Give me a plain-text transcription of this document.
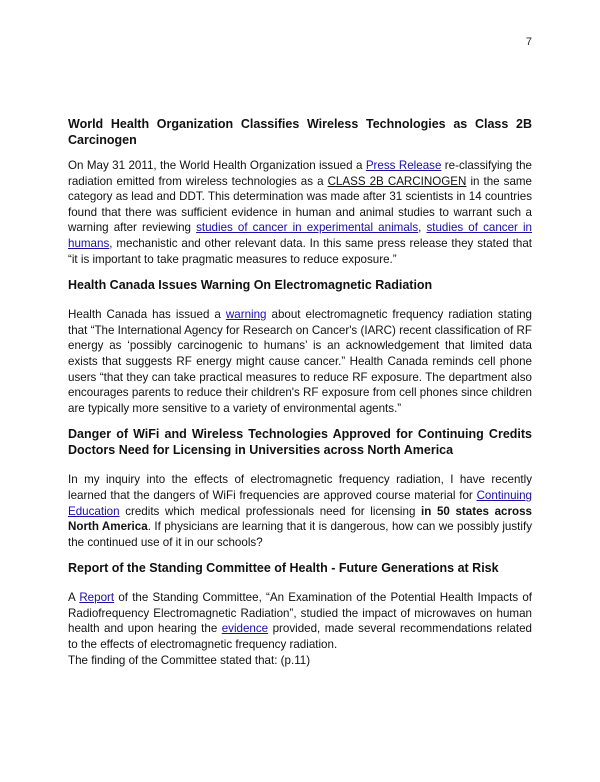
7
World Health Organization Classifies Wireless Technologies as Class 2B Carcinogen

On May 31 2011, the World Health Organization issued a Press Release re-classifying the radiation emitted from wireless technologies as a CLASS 2B CARCINOGEN in the same category as lead and DDT. This determination was made after 31 scientists in 14 countries found that there was sufficient evidence in human and animal studies to warrant such a warning after reviewing studies of cancer in experimental animals, studies of cancer in humans, mechanistic and other relevant data. In this same press release they stated that “it is important to take pragmatic measures to reduce exposure.”

Health Canada Issues Warning On Electromagnetic Radiation

Health Canada has issued a warning about electromagnetic frequency radiation stating that “The International Agency for Research on Cancer's (IARC) recent classification of RF energy as ‘possibly carcinogenic to humans’ is an acknowledgement that limited data exists that suggests RF energy might cause cancer.” Health Canada reminds cell phone users “that they can take practical measures to reduce RF exposure. The department also encourages parents to reduce their children's RF exposure from cell phones since children are typically more sensitive to a variety of environmental agents.”

Danger of WiFi and Wireless Technologies Approved for Continuing Credits Doctors Need for Licensing in Universities across North America

In my inquiry into the effects of electromagnetic frequency radiation, I have recently learned that the dangers of WiFi frequencies are approved course material for Continuing Education credits which medical professionals need for licensing in 50 states across North America. If physicians are learning that it is dangerous, how can we possibly justify the continued use of it in our schools?

Report of the Standing Committee of Health - Future Generations at Risk

A Report of the Standing Committee, “An Examination of the Potential Health Impacts of Radiofrequency Electromagnetic Radiation”, studied the impact of microwaves on human health and upon hearing the evidence provided, made several recommendations related to the effects of electromagnetic frequency radiation.

The finding of the Committee stated that: (p.11)
